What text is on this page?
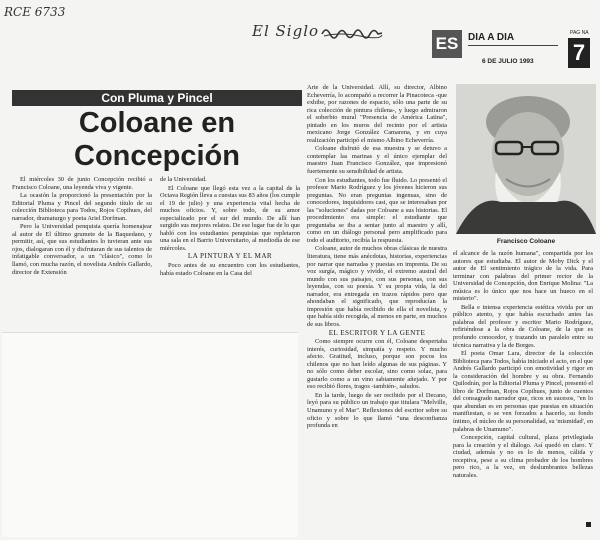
RCE 6733
El Siglo
ES DIA A DIA
6 DE JULIO 1993
PAG NA
7
Con Pluma y Pincel
Coloane en
Concepción
Francisco Coloane

El miércoles 30 de junio Concepción recibió a Francisco Coloane, una leyenda viva y vigente.

La ocasión la proporcionó la presentación por la Editorial Pluma y Pincel del segundo título de su colección Biblioteca para Todos, Rojos Copihues, del narrador, dramaturgo y poeta Ariel Dorfman.

Pero la Universidad penquista quería homenajear al autor de El último grumete de la Baquedano, y permitir, así, que sus estudiantes lo tuvieran ante sus ojos, dialogaran con él y disfrutaran de sus talentos de infatigable conversador, a un "clásico", como lo llamó, con mucha razón, el novelista Andrés Gallardo, director de Extensión

de la Universidad.

El Coloane que llegó esta vez a la capital de la Octava Región lleva a cuestas sus 83 años (los cumple el 19 de julio) y una experiencia vital hecha de muchos oficios. Y, sobre todo, de su amor especializado por el sur del mundo. De allí han surgido sus mejores relatos. De ese lugar fue de lo que habló con los estudiantes penquistas que repletaron una sala en el Barrio Universitario, al mediodía de ese miércoles.

LA PINTURA Y EL MAR

Poco antes de su encuentro con los estudiantes, había estado Coloane en la Casa del

Arte de la Universidad. Allí, su director, Albino Echeverría, lo acompañó a recorrer la Pinacoteca -que exhibe, por razones de espacio, sólo una parte de su rica colección de pintura chilena-, y luego admiraron el soberbio mural "Presencia de América Latina", pintado en los muros del recinto por el artista mexicano Jorge González Camarena, y en cuya realización participó el mismo Albino Echeverría.

Coloane disfrutó de esa muestra y se detuvo a contemplar las marinas y el único ejemplar del maestro Juan Francisco González, que impresionó fuertemente su sensibilidad de artista.

Con los estudiantes, todo fue fluido. Lo presentó el profesor Mario Rodríguez y los jóvenes hicieron sus preguntas. No eran preguntas ingenuas, sino de conocedores, inquisidores casi, que se interesaban por las "soluciones" dadas por Coloane a sus historias. El procedimiento era simple: el estudiante que preguntaba se iba a sentar junto al maestro y allí, como en un diálogo personal pero amplificado para todo el auditorio, recibía la respuesta.

Coloane, autor de muchos obras clásicas de nuestra literatura, tiene más anécdotas, historias, experiencias por narrar que narradas y puestas en imprenta. De su voz surgía, mágico y vivido, el extremo austral del mundo con sus paisajes, con sus personas, con sus leyendas, con su poesía. Y su propia vida, la del narrador, era entregada en trazos rápidos pero que ahondaban el significado, que reproducían la impresión que había recibido de ella el novelista, y que había sido recogida, al menos en parte, en muchos de sus libros.

EL ESCRITOR Y LA GENTE

Como siempre ocurre con él, Coloane despertaba interés, curiosidad, simpatía y respeto. Y mucho afecto. Gratitud, incluso, porque son pocos los chilenos que no han leído algunas de sus páginas. Y no sólo como deber escolar, sino como solaz, para gustarlo como a un vino sabiamente añejado. Y por eso recibió flores, tragos -también-, saludos.

En la tarde, luego de ser recibido por el Decano, leyó para su público un trabajo que titulara "Melville, Unamuno y el Mar". Reflexiones del escritor sobre su oficio y sobre lo que llamó "una desconfianza profunda en

el alcance de la razón humana", compartida por los autores que estudiaba. El autor de Moby Dick y el autor de El sentimiento trágico de la vida. Para terminar con palabras del primer rector de la Universidad de Concepción, don Enrique Molina: "La música es lo único que nos hace un hueco en el misterio".

Bella e intensa experiencia estética vivida por un público atento, y que había escuchado antes las palabras del profesor y escritor Mario Rodríguez, refiriéndose a la obra de Coloane, de la que es profundo conocedor, y trazando un paralelo entre su técnica narrativa y la de Borges.

El poeta Omar Lara, director de la colección Biblioteca para Todos, había iniciado el acto, en el que Andrés Gallardo participó con emotividad y rigor en la consideración del hombre y su obra. Fernando Quilodrán, por la Editorial Pluma y Pincel, presentó el libro de Dorfman, Rojos Copihues, junto de cuentos del consagrado narrador que, ricos en sucesos, "en lo que abundan es en personas que puestas en situación manifiestan, o se ven forzados a hacerlo, su fondo íntimo, el núcleo de su personalidad, su 'mismidad', en palabras de Unamuno".

Concepción, capital cultural, plaza privilegiada para la creación y el diálogo. Así quedó en claro. Y ciudad, además y no es lo de menos, cálida y receptiva, pese a su clima probador de los hombres pero rico, a la vez, en deslumbrantes bellezas naturales.
